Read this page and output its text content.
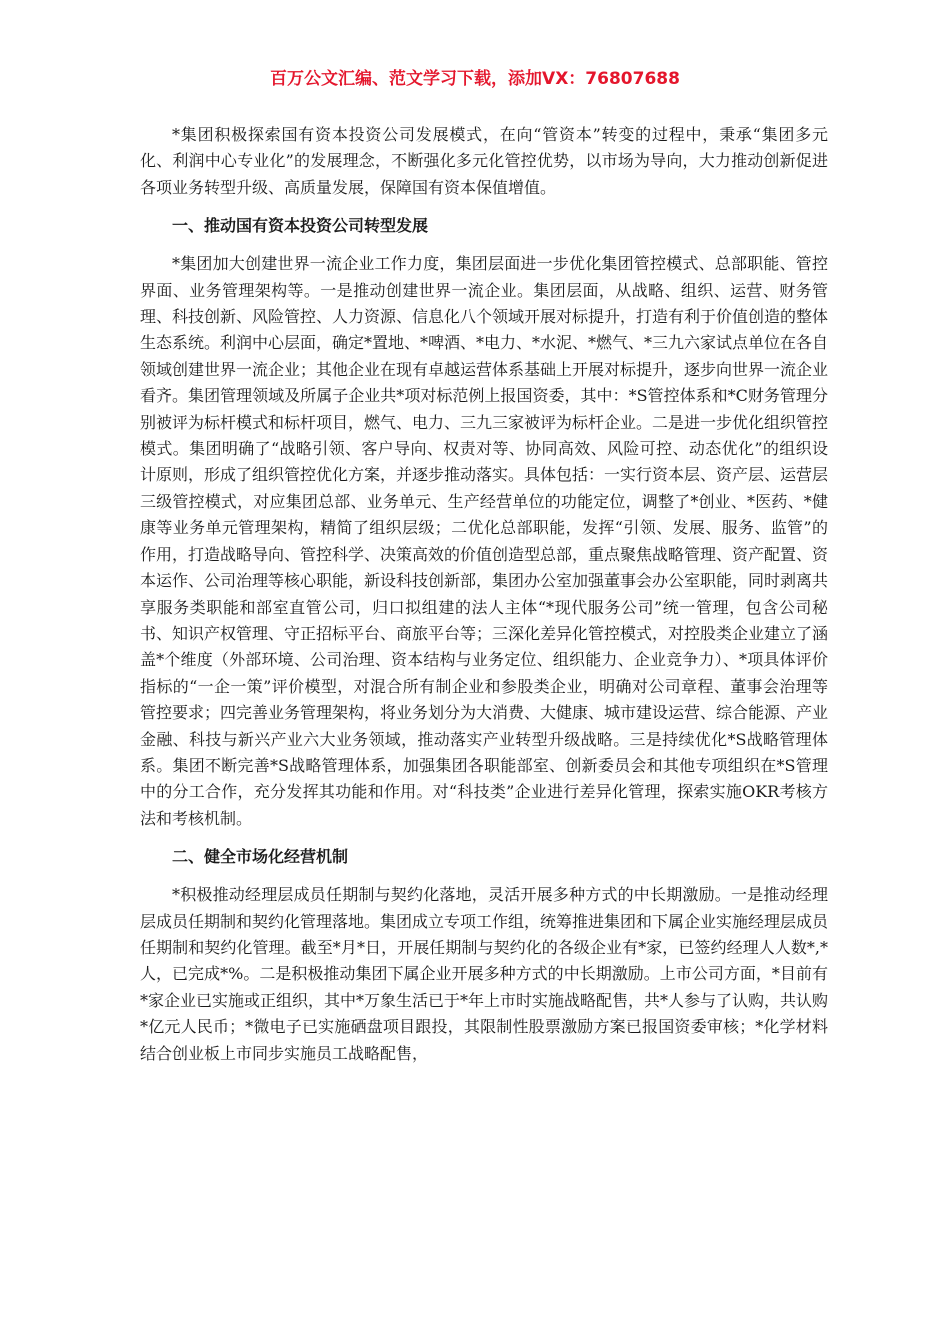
百万公文汇编、范文学习下载，添加VX：76807688

*集团积极探索国有资本投资公司发展模式，在向“管资本”转变的过程中，秉承“集团多元化、利润中心专业化”的发展理念，不断强化多元化管控优势，以市场为导向，大力推动创新促进各项业务转型升级、高质量发展，保障国有资本保值增值。

一、推动国有资本投资公司转型发展

*集团加大创建世界一流企业工作力度，集团层面进一步优化集团管控模式、总部职能、管控界面、业务管理架构等。一是推动创建世界一流企业。集团层面，从战略、组织、运营、财务管理、科技创新、风险管控、人力资源、信息化八个领域开展对标提升，打造有利于价值创造的整体生态系统。利润中心层面，确定*置地、*啤酒、*电力、*水泥、*燃气、*三九六家试点单位在各自领域创建世界一流企业；其他企业在现有卓越运营体系基础上开展对标提升，逐步向世界一流企业看齐。集团管理领域及所属子企业共*项对标范例上报国资委，其中：*S管控体系和*C财务管理分别被评为标杆模式和标杆项目，燃气、电力、三九三家被评为标杆企业。二是进一步优化组织管控模式。集团明确了“战略引领、客户导向、权责对等、协同高效、风险可控、动态优化”的组织设计原则，形成了组织管控优化方案，并逐步推动落实。具体包括：一实行资本层、资产层、运营层三级管控模式，对应集团总部、业务单元、生产经营单位的功能定位，调整了*创业、*医药、*健康等业务单元管理架构，精简了组织层级；二优化总部职能，发挥“引领、发展、服务、监管”的作用，打造战略导向、管控科学、决策高效的价值创造型总部，重点聚焦战略管理、资产配置、资本运作、公司治理等核心职能，新设科技创新部，集团办公室加强董事会办公室职能，同时剥离共享服务类职能和部室直管公司，归口拟组建的法人主体“*现代服务公司”统一管理，包含公司秘书、知识产权管理、守正招标平台、商旅平台等；三深化差异化管控模式，对控股类企业建立了涵盖*个维度（外部环境、公司治理、资本结构与业务定位、组织能力、企业竞争力）、*项具体评价指标的“一企一策”评价模型，对混合所有制企业和参股类企业，明确对公司章程、董事会治理等管控要求；四完善业务管理架构，将业务划分为大消费、大健康、城市建设运营、综合能源、产业金融、科技与新兴产业六大业务领域，推动落实产业转型升级战略。三是持续优化*S战略管理体系。集团不断完善*S战略管理体系，加强集团各职能部室、创新委员会和其他专项组织在*S管理中的分工合作，充分发挥其功能和作用。对“科技类”企业进行差异化管理，探索实施OKR考核方法和考核机制。

二、健全市场化经营机制

*积极推动经理层成员任期制与契约化落地，灵活开展多种方式的中长期激励。一是推动经理层成员任期制和契约化管理落地。集团成立专项工作组，统筹推进集团和下属企业实施经理层成员任期制和契约化管理。截至*月*日，开展任期制与契约化的各级企业有*家，已签约经理人人数*,*人，已完成*%。二是积极推动集团下属企业开展多种方式的中长期激励。上市公司方面，*目前有*家企业已实施或正组织，其中*万象生活已于*年上市时实施战略配售，共*人参与了认购，共认购*亿元人民币；*微电子已实施硒盘项目跟投，其限制性股票激励方案已报国资委审核；*化学材料结合创业板上市同步实施员工战略配售，
